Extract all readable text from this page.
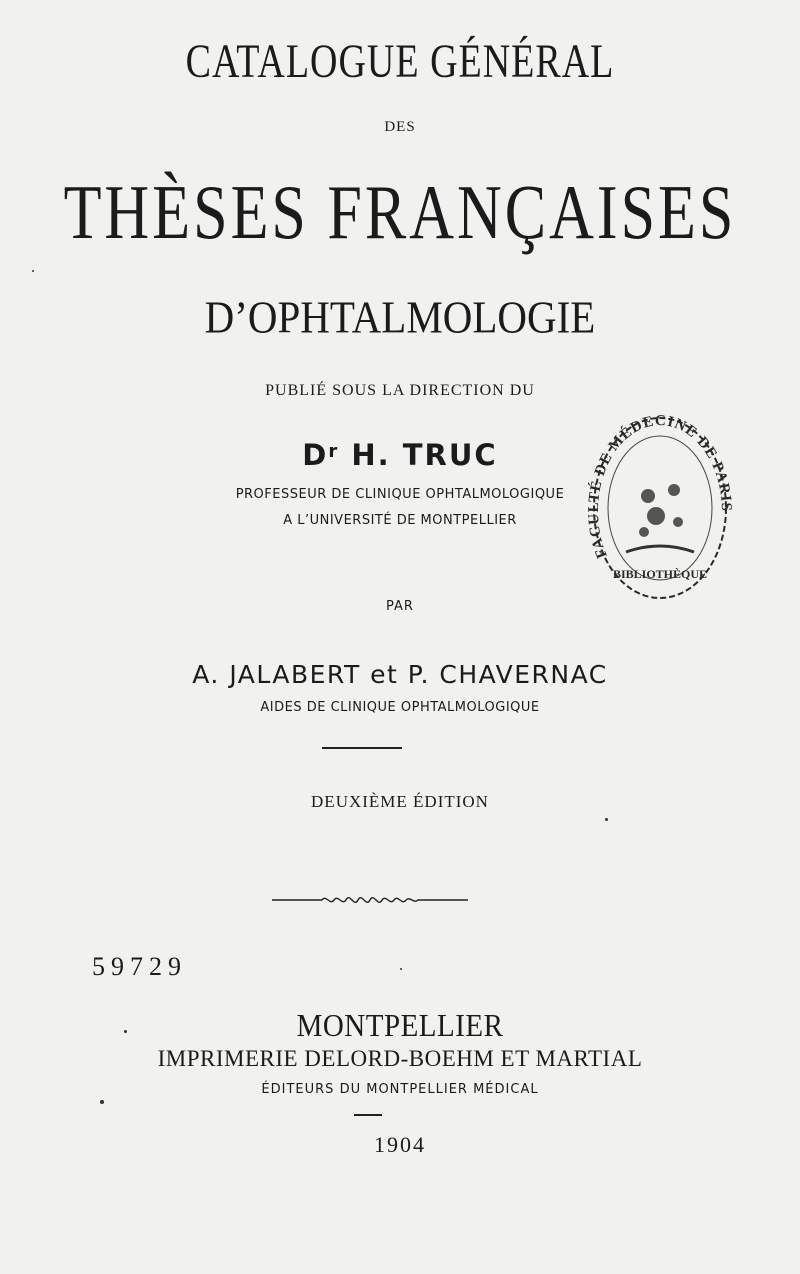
CATALOGUE GÉNÉRAL
DES
THÈSES FRANÇAISES
D’OPHTALMOLOGIE
PUBLIÉ SOUS LA DIRECTION DU
$D^r$ H. TRUC
PROFESSEUR DE CLINIQUE OPHTALMOLOGIQUE
A L’UNIVERSITÉ DE MONTPELLIER
PAR
A. JALABERT et P. CHAVERNAC
AIDES DE CLINIQUE OPHTALMOLOGIQUE
DEUXIÈME ÉDITION
59729
MONTPELLIER
IMPRIMERIE DELORD-BOEHM ET MARTIAL
ÉDITEURS DU MONTPELLIER MÉDICAL
1904
FACULTÉ DE MÉDECINE DE PARIS
BIBLIOTHÈQUE
